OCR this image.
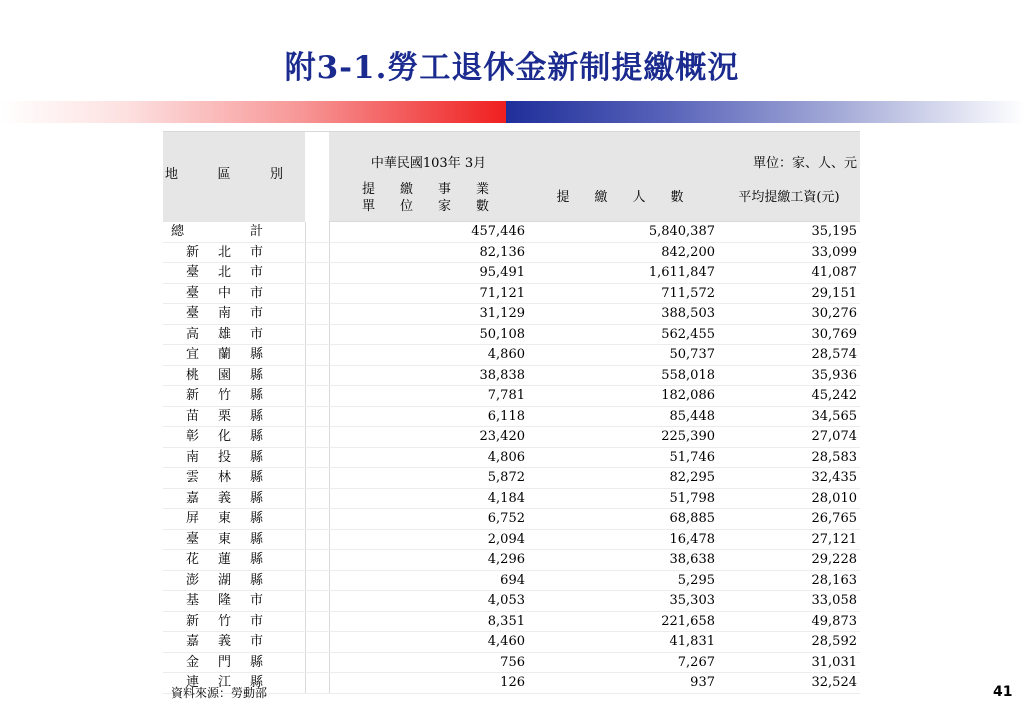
附3-1.勞工退休金新制提繳概況
地區別		中華民國103年 3月		單位：家、人、元
		提　繳　事　業
單　位　家　數	提　繳　人　數	平均提繳工資(元)
總計		457,446	5,840,387	35,195
新北市		82,136	842,200	33,099
臺北市		95,491	1,611,847	41,087
臺中市		71,121	711,572	29,151
臺南市		31,129	388,503	30,276
高雄市		50,108	562,455	30,769
宜蘭縣		4,860	50,737	28,574
桃園縣		38,838	558,018	35,936
新竹縣		7,781	182,086	45,242
苗栗縣		6,118	85,448	34,565
彰化縣		23,420	225,390	27,074
南投縣		4,806	51,746	28,583
雲林縣		5,872	82,295	32,435
嘉義縣		4,184	51,798	28,010
屏東縣		6,752	68,885	26,765
臺東縣		2,094	16,478	27,121
花蓮縣		4,296	38,638	29,228
澎湖縣		694	5,295	28,163
基隆市		4,053	35,303	33,058
新竹市		8,351	221,658	49,873
嘉義市		4,460	41,831	28,592
金門縣		756	7,267	31,031
連江縣		126	937	32,524
資料來源：勞動部	41
